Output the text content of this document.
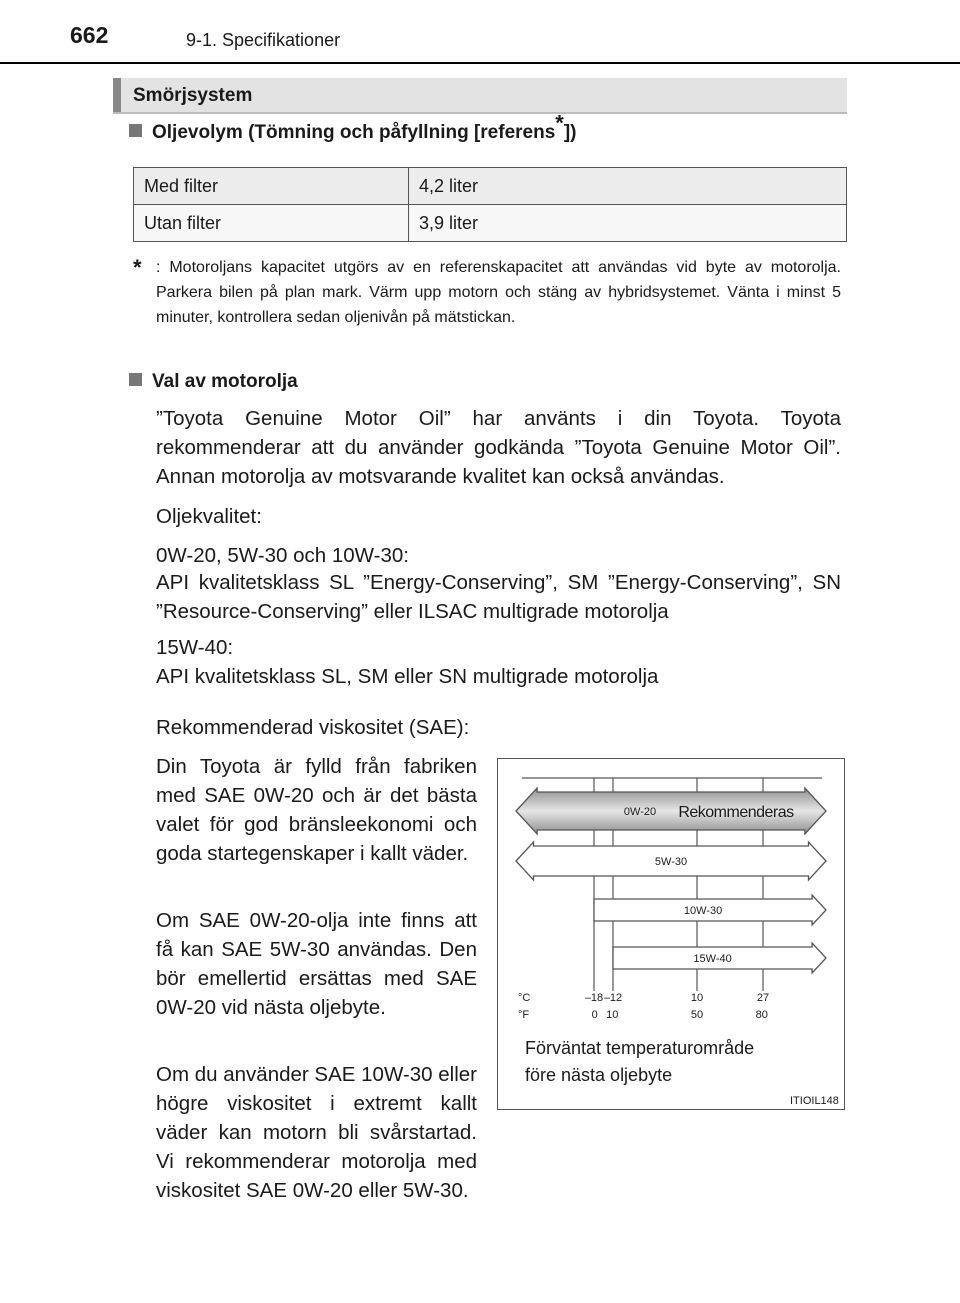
662	9-1. Specifikationer
Smörjsystem
Oljevolym (Tömning och påfyllning [referens*])
Med filter	4,2 liter
Utan filter	3,9 liter
* : Motoroljans kapacitet utgörs av en referenskapacitet att användas vid byte av motorolja. Parkera bilen på plan mark. Värm upp motorn och stäng av hybridsystemet. Vänta i minst 5 minuter, kontrollera sedan oljenivån på mätstickan.
Val av motorolja
”Toyota Genuine Motor Oil” har använts i din Toyota. Toyota rekommenderar att du använder godkända ”Toyota Genuine Motor Oil”. Annan motorolja av motsvarande kvalitet kan också användas.
Oljekvalitet:
0W-20, 5W-30 och 10W-30:
API kvalitetsklass SL ”Energy-Conserving”, SM ”Energy-Conserving”, SN ”Resource-Conserving” eller ILSAC multigrade motorolja
15W-40:
API kvalitetsklass SL, SM eller SN multigrade motorolja
Rekommenderad viskositet (SAE):
Din Toyota är fylld från fabriken med SAE 0W-20 och är det bästa valet för god bränsleekonomi och goda startegenskaper i kallt väder.
Om SAE 0W-20-olja inte finns att få kan SAE 5W-30 användas. Den bör emellertid ersättas med SAE 0W-20 vid nästa oljebyte.
Om du använder SAE 10W-30 eller högre viskositet i extremt kallt väder kan motorn bli svårstartad. Vi rekommenderar motorolja med viskositet SAE 0W-20 eller 5W-30.
0W-20 Rekommenderas
5W-30
10W-30
15W-40
°C
°F
–18 –12	10	27
0 10	50	80
Förväntat temperaturområde
före nästa oljebyte
ITIOIL148
